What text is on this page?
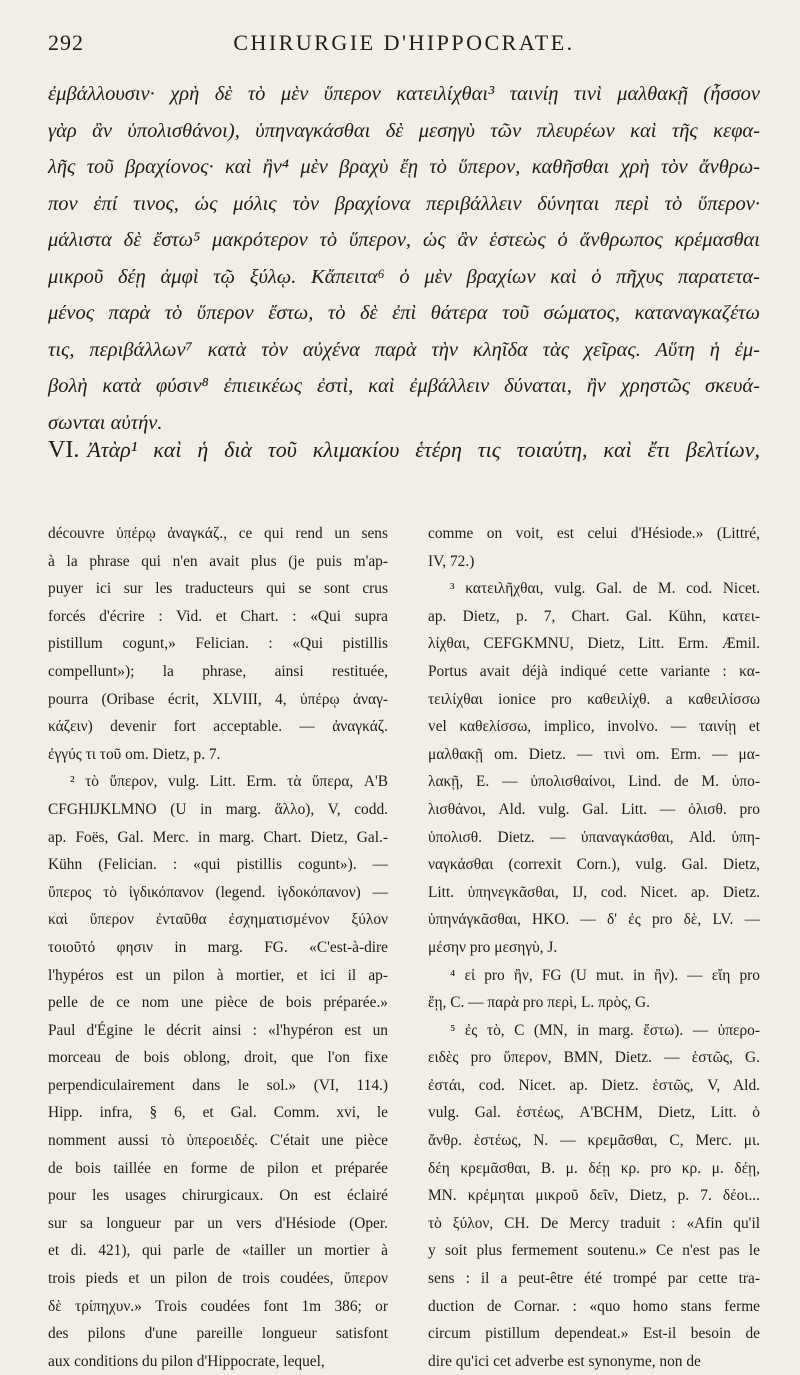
292	CHIRURGIE D'HIPPOCRATE.
ἐμβάλλουσιν· χρὴ δὲ τὸ μὲν ὕπερον κατειλίχθαι³ ταινίῃ τινὶ μαλθακῇ (ἧσσον
γὰρ ἂν ὑπολισθάνοι), ὑπηναγκάσθαι δὲ μεσηγὺ τῶν πλευρέων καὶ τῆς κεφα-
λῆς τοῦ βραχίονος· καὶ ἢν⁴ μὲν βραχὺ ἔῃ τὸ ὕπερον, καθῆσθαι χρὴ τὸν ἄνθρω-
πον ἐπί τινος, ὡς μόλις τὸν βραχίονα περιβάλλειν δύνηται περὶ τὸ ὕπερον·
μάλιστα δὲ ἔστω⁵ μακρότερον τὸ ὕπερον, ὡς ἂν ἑστεὼς ὁ ἄνθρωπος κρέμασθαι
μικροῦ δέῃ ἀμφὶ τῷ ξύλῳ. Κἄπειτα⁶ ὁ μὲν βραχίων καὶ ὁ πῆχυς παρατετα-
μένος παρὰ τὸ ὕπερον ἔστω, τὸ δὲ ἐπὶ θάτερα τοῦ σώματος, καταναγκαζέτω
τις, περιβάλλων⁷ κατὰ τὸν αὐχένα παρὰ τὴν κληῖδα τὰς χεῖρας. Αὕτη ἡ ἐμ-
βολὴ κατὰ φύσιν⁸ ἐπιεικέως ἐστὶ, καὶ ἐμβάλλειν δύναται, ἢν χρηστῶς σκευά-
σωνται αὐτήν.
VI. Ἀτὰρ¹ καὶ ἡ διὰ τοῦ κλιμακίου ἑτέρη τις τοιαύτη, καὶ ἔτι βελτίων,
découvre ὑπέρῳ ἀναγκάζ., ce qui rend un sens
à la phrase qui n'en avait plus (je puis m'ap-
puyer ici sur les traducteurs qui se sont crus
forcés d'écrire : Vid. et Chart. : «Qui supra
pistillum cogunt,» Felician. : «Qui pistillis
compellunt»); la phrase, ainsi restituée,
pourra (Oribase écrit, XLVIII, 4, ὑπέρῳ ἀναγ-
κάζειν) devenir fort acceptable. — ἀναγκάζ.
ἐγγύς τι τοῦ om. Dietz, p. 7.
² τὸ ὕπερον, vulg. Litt. Erm. τὰ ὕπερα, A'B
CFGHIJKLMNO (U in marg. ἄλλο), V, codd.
ap. Foës, Gal. Merc. in marg. Chart. Dietz, Gal.-
Kühn (Felician. : «qui pistillis cogunt»). —
ὕπερος τὸ ἰγδικόπανον (legend. ἰγδοκόπανον) —
καὶ ὕπερον ἐνταῦθα ἐσχηματισμένον ξύλον
τοιοῦτό φησιν in marg. FG. «C'est-à-dire
l'hypéros est un pilon à mortier, et ici il ap-
pelle de ce nom une pièce de bois préparée.»
Paul d'Égine le décrit ainsi : «l'hypéron est un
morceau de bois oblong, droit, que l'on fixe
perpendiculairement dans le sol.» (VI, 114.)
Hipp. infra, § 6, et Gal. Comm. xvi, le
nomment aussi τὸ ὑπεροειδές. C'était une pièce
de bois taillée en forme de pilon et préparée
pour les usages chirurgicaux. On est éclairé
sur sa longueur par un vers d'Hésiode (Oper.
et di. 421), qui parle de «tailler un mortier à
trois pieds et un pilon de trois coudées, ὕπερον
δὲ τρίπηχυν.» Trois coudées font 1m 386; or
des pilons d'une pareille longueur satisfont
aux conditions du pilon d'Hippocrate, lequel,
comme on voit, est celui d'Hésiode.» (Littré,
IV, 72.)
³ κατειλῆχθαι, vulg. Gal. de M. cod. Nicet.
ap. Dietz, p. 7, Chart. Gal. Kühn, κατει-
λίχθαι, CEFGKMNU, Dietz, Litt. Erm. Æmil.
Portus avait déjà indiqué cette variante : κα-
τειλίχθαι ionice pro καθειλίχθ. a καθειλίσσω
vel καθελίσσω, implico, involvo. — ταινίῃ et
μαλθακῇ om. Dietz. — τινὶ om. Erm. — μα-
λακῇ, E. — ὑπολισθαίνοι, Lind. de M. ὑπο-
λισθάνοι, Ald. vulg. Gal. Litt. — ὀλισθ. pro
ὑπολισθ. Dietz. — ὑπαναγκάσθαι, Ald. ὑπη-
ναγκάσθαι (correxit Corn.), vulg. Gal. Dietz,
Litt. ὑπηνεγκᾶσθαι, IJ, cod. Nicet. ap. Dietz.
ὑπηνάγκᾶσθαι, HKO. — δ' ἐς pro δὲ, LV. —
μέσην pro μεσηγὺ, J.
⁴ εἰ pro ἢν, FG (U mut. in ἢν). — εἴη pro
ἔῃ, C. — παρὰ pro περὶ, L. πρὸς, G.
⁵ ἐς τὸ, C (MN, in marg. ἔστω). — ὑπερο-
ειδὲς pro ὕπερον, BMN, Dietz. — ἑστῶς, G.
ἐστάι, cod. Nicet. ap. Dietz. ἑστῶς, V, Ald.
vulg. Gal. ἑστέως, A'BCHM, Dietz, Litt. ὁ
ἄνθρ. ἑστέως, N. — κρεμᾶσθαι, C, Merc. μι.
δέη κρεμᾶσθαι, B. μ. δέῃ κρ. pro κρ. μ. δέῃ,
MN. κρέμηται μικροῦ δεῖν, Dietz, p. 7. δέοι...
τὸ ξύλον, CH. De Mercy traduit : «Afin qu'il
y soit plus fermement soutenu.» Ce n'est pas le
sens : il a peut-être été trompé par cette tra-
duction de Cornar. : «quo homo stans ferme
circum pistillum dependeat.» Est-il besoin de
dire qu'ici cet adverbe est synonyme, non de
